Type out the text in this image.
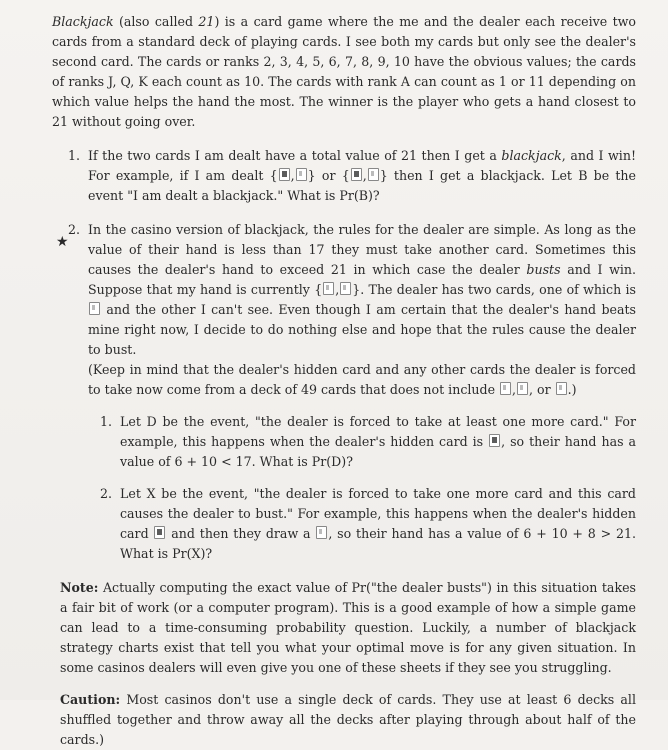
Blackjack (also called 21) is a card game where the me and the dealer each receive two cards from a standard deck of playing cards. I see both my cards but only see the dealer's second card. The cards or ranks 2, 3, 4, 5, 6, 7, 8, 9, 10 have the obvious values; the cards of ranks J, Q, K each count as 10. The cards with rank A can count as 1 or 11 depending on which value helps the hand the most. The winner is the player who gets a hand closest to 21 without going over.

1. If the two cards I am dealt have a total value of 21 then I get a blackjack, and I win! For example, if I am dealt { , } or { , } then I get a blackjack. Let B be the event "I am dealt a blackjack." What is Pr(B)?
2.
★
In the casino version of blackjack, the rules for the dealer are simple. As long as the value of their hand is less than 17 they must take another card. Sometimes this causes the dealer's hand to exceed 21 in which case the dealer busts and I win. Suppose that my hand is currently { , }. The dealer has two cards, one of which is  and the other I can't see. Even though I am certain that the dealer's hand beats mine right now, I decide to do nothing else and hope that the rules cause the dealer to bust.
(Keep in mind that the dealer's hidden card and any other cards the dealer is forced to take now come from a deck of 49 cards that does not include , , or .)
1. Let D be the event, "the dealer is forced to take at least one more card." For example, this happens when the dealer's hidden card is , so their hand has a value of 6 + 10 < 17. What is Pr(D)?
2. Let X be the event, "the dealer is forced to take one more card and this card causes the dealer to bust." For example, this happens when the dealer's hidden card  and then they draw a , so their hand has a value of 6 + 10 + 8 > 21. What is Pr(X)?

Note: Actually computing the exact value of Pr("the dealer busts") in this situation takes a fair bit of work (or a computer program). This is a good example of how a simple game can lead to a time-consuming probability question. Luckily, a number of blackjack strategy charts exist that tell you what your optimal move is for any given situation. In some casinos dealers will even give you one of these sheets if they see you struggling.

Caution: Most casinos don't use a single deck of cards. They use at least 6 decks all shuffled together and throw away all the decks after playing through about half of the cards.)
